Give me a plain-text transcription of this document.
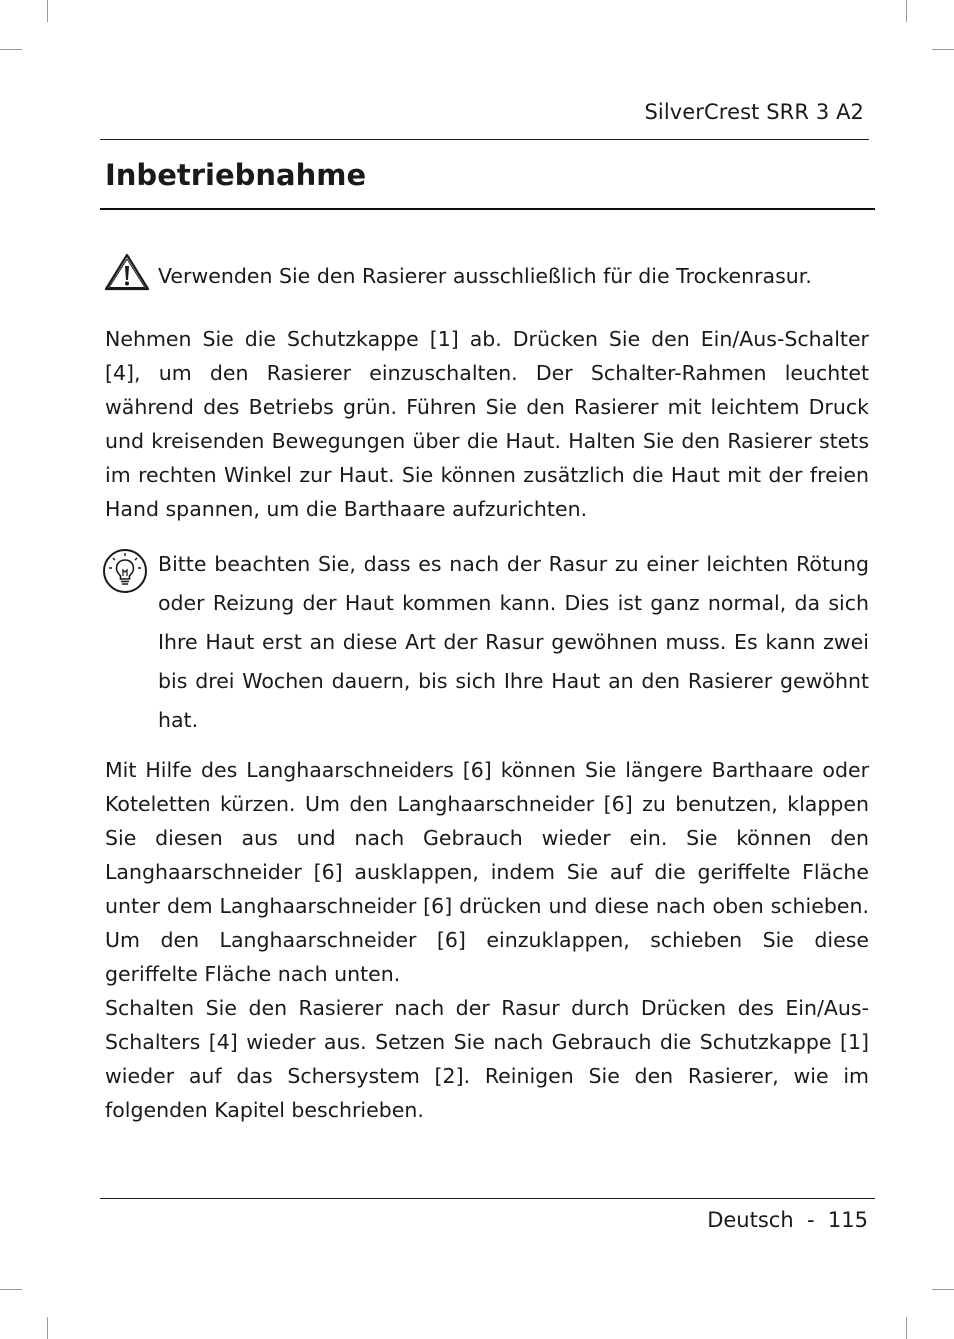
SilverCrest SRR 3 A2
Inbetriebnahme
Verwenden Sie den Rasierer ausschließlich für die Trockenrasur.

Nehmen Sie die Schutzkappe [1] ab. Drücken Sie den Ein/Aus-Schalter [4], um den Rasierer einzuschalten. Der Schalter-Rahmen leuchtet während des Betriebs grün. Führen Sie den Rasierer mit leichtem Druck und kreisenden Bewegungen über die Haut. Halten Sie den Rasierer stets im rechten Winkel zur Haut. Sie können zusätzlich die Haut mit der freien Hand spannen, um die Barthaare aufzurichten.

Bitte beachten Sie, dass es nach der Rasur zu einer leichten Rötung oder Reizung der Haut kommen kann. Dies ist ganz normal, da sich Ihre Haut erst an diese Art der Rasur gewöhnen muss. Es kann zwei bis drei Wochen dauern, bis sich Ihre Haut an den Rasierer gewöhnt hat.

Mit Hilfe des Langhaarschneiders [6] können Sie längere Barthaare oder Koteletten kürzen. Um den Langhaarschneider [6] zu benutzen, klappen Sie diesen aus und nach Gebrauch wieder ein. Sie können den Langhaarschneider [6] ausklappen, indem Sie auf die geriffelte Fläche unter dem Langhaarschneider [6] drücken und diese nach oben schieben. Um den Langhaarschneider [6] einzuklappen, schieben Sie diese geriffelte Fläche nach unten.

Schalten Sie den Rasierer nach der Rasur durch Drücken des Ein/Aus-Schalters [4] wieder aus. Setzen Sie nach Gebrauch die Schutzkappe [1] wieder auf das Schersystem [2]. Reinigen Sie den Rasierer, wie im folgenden Kapitel beschrieben.

Deutsch  -  115
